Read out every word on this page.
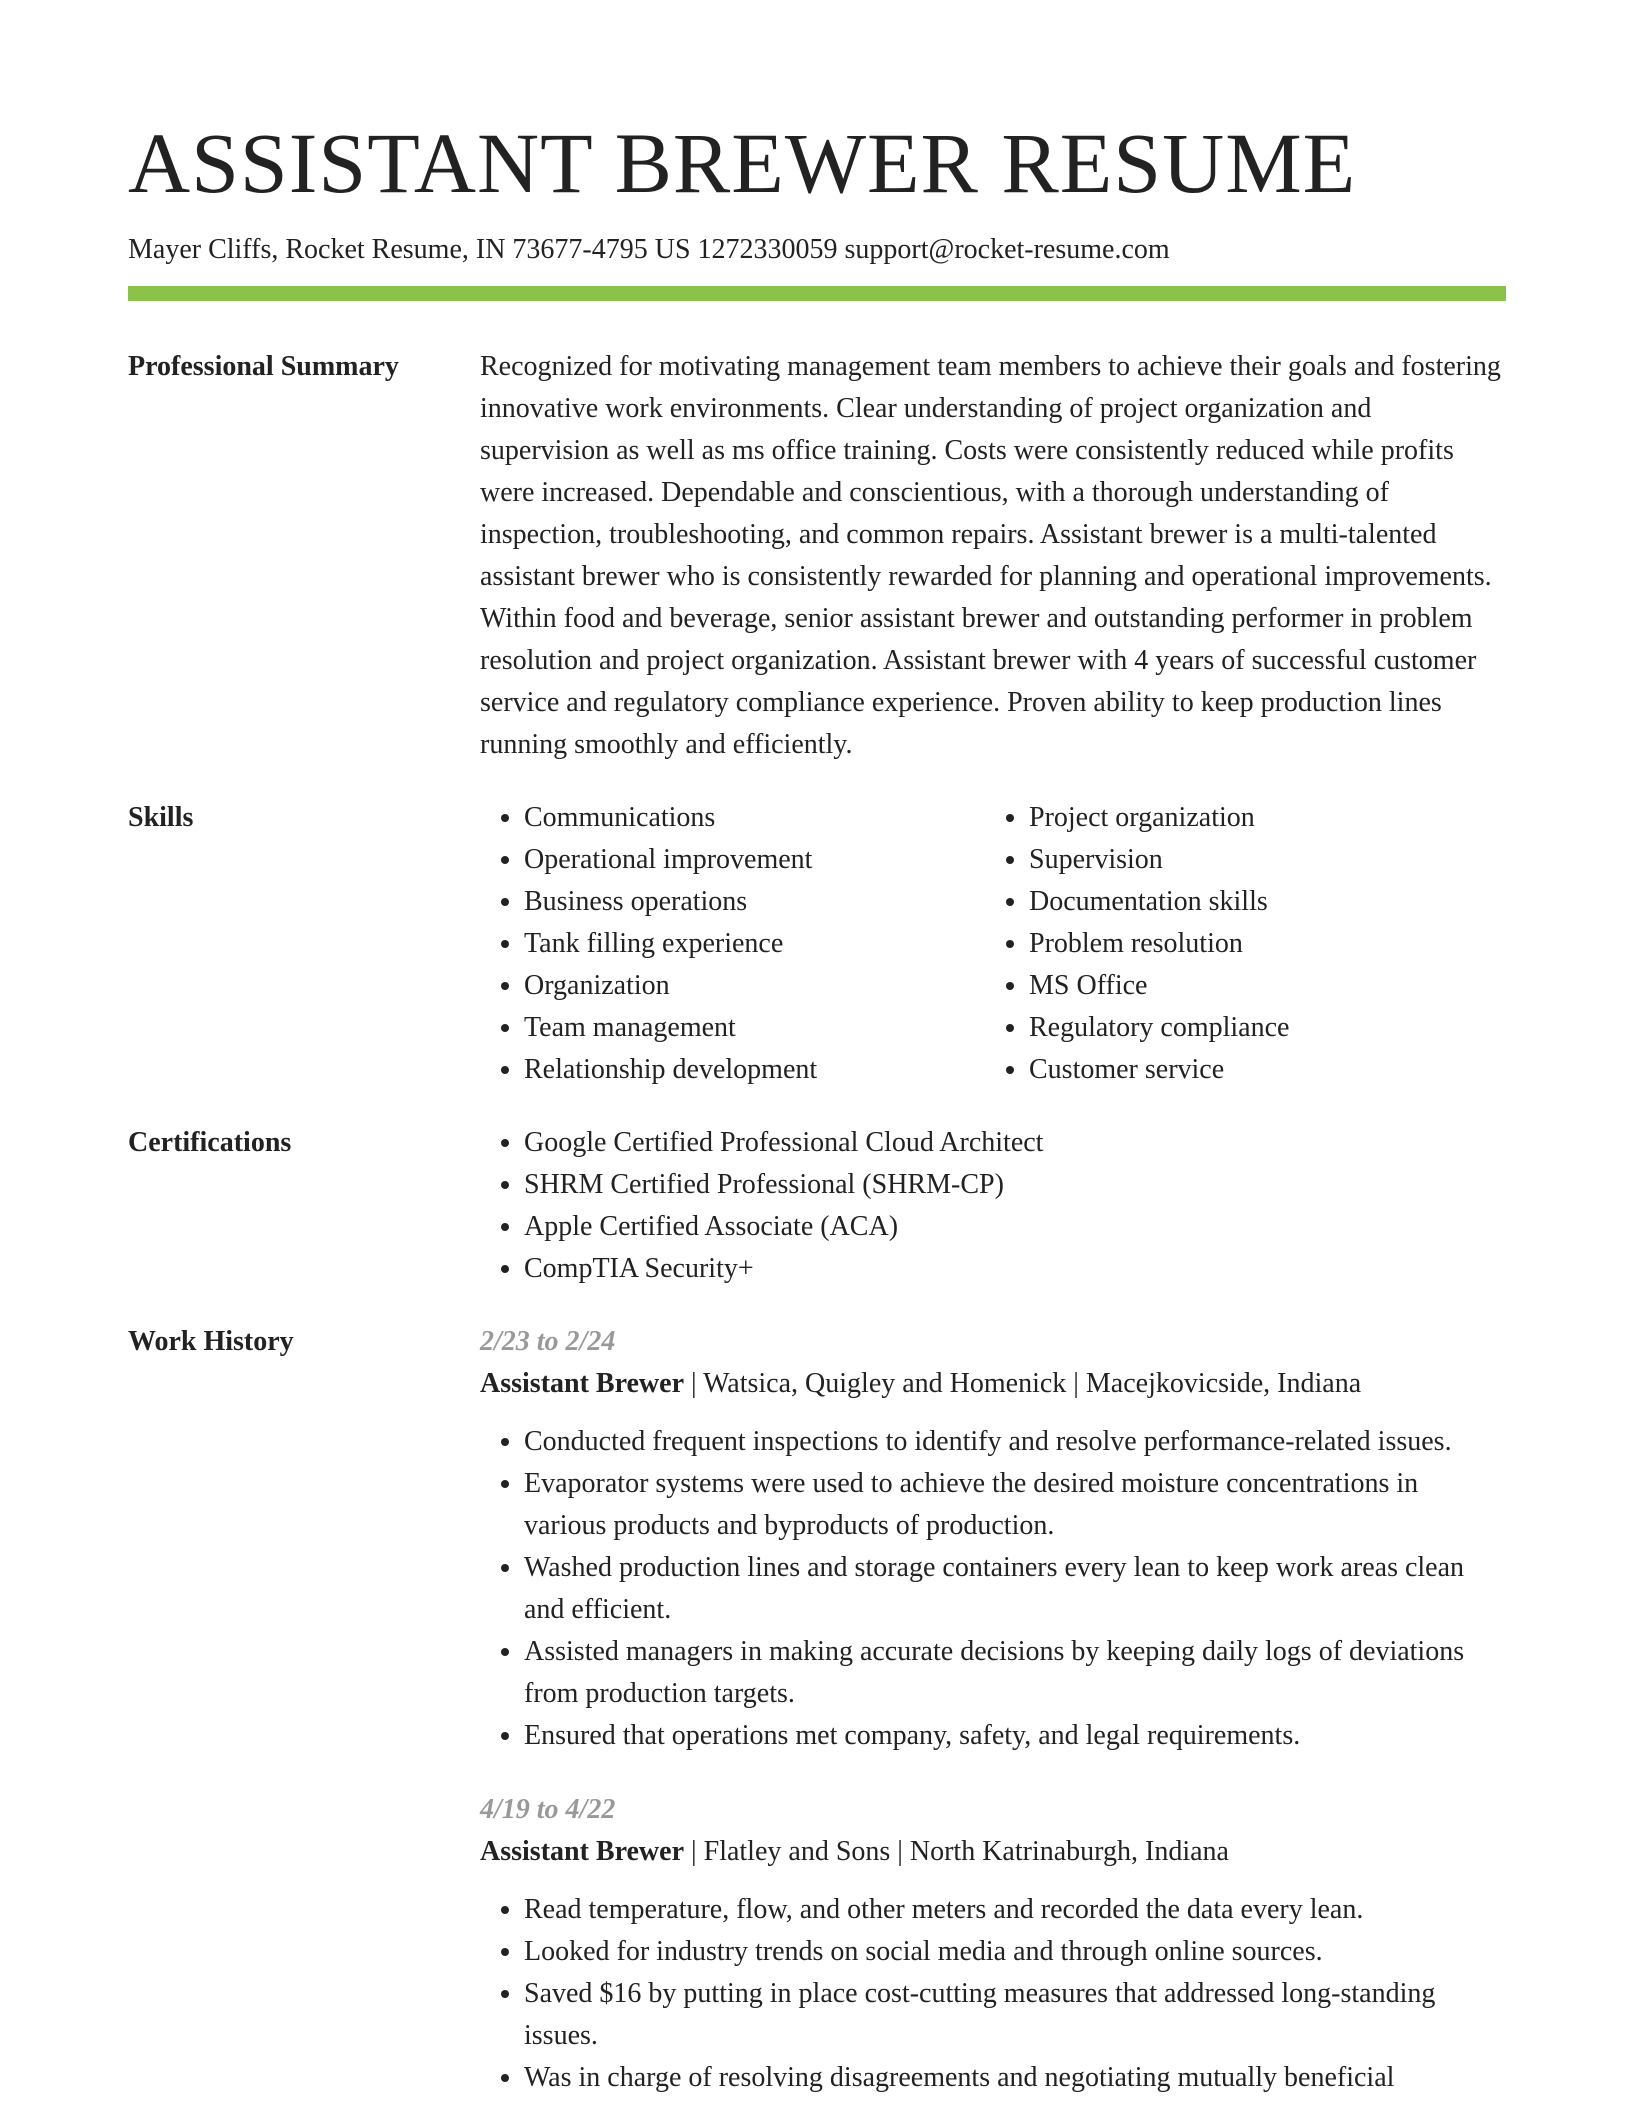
ASSISTANT BREWER RESUME
Mayer Cliffs, Rocket Resume, IN 73677-4795 US 1272330059 support@rocket-resume.com
Professional Summary	Recognized for motivating management team members to achieve their goals and fostering innovative work environments. Clear understanding of project organization and supervision as well as ms office training. Costs were consistently reduced while profits were increased. Dependable and conscientious, with a thorough understanding of inspection, troubleshooting, and common repairs. Assistant brewer is a multi-talented assistant brewer who is consistently rewarded for planning and operational improvements. Within food and beverage, senior assistant brewer and outstanding performer in problem resolution and project organization. Assistant brewer with 4 years of successful customer service and regulatory compliance experience. Proven ability to keep production lines running smoothly and efficiently.

Skills	• Communications
• Operational improvement
• Business operations
• Tank filling experience
• Organization
• Team management
• Relationship development
• Project organization
• Supervision
• Documentation skills
• Problem resolution
• MS Office
• Regulatory compliance
• Customer service
Certifications	• Google Certified Professional Cloud Architect
• SHRM Certified Professional (SHRM-CP)
• Apple Certified Associate (ACA)
• CompTIA Security+
Work History	2/23 to 2/24
Assistant Brewer | Watsica, Quigley and Homenick | Macejkovicside, Indiana
• Conducted frequent inspections to identify and resolve performance-related issues.
• Evaporator systems were used to achieve the desired moisture concentrations in various products and byproducts of production.
• Washed production lines and storage containers every lean to keep work areas clean and efficient.
• Assisted managers in making accurate decisions by keeping daily logs of deviations from production targets.
• Ensured that operations met company, safety, and legal requirements.
4/19 to 4/22
Assistant Brewer | Flatley and Sons | North Katrinaburgh, Indiana
• Read temperature, flow, and other meters and recorded the data every lean.
• Looked for industry trends on social media and through online sources.
• Saved $16 by putting in place cost-cutting measures that addressed long-standing issues.
• Was in charge of resolving disagreements and negotiating mutually beneficial
